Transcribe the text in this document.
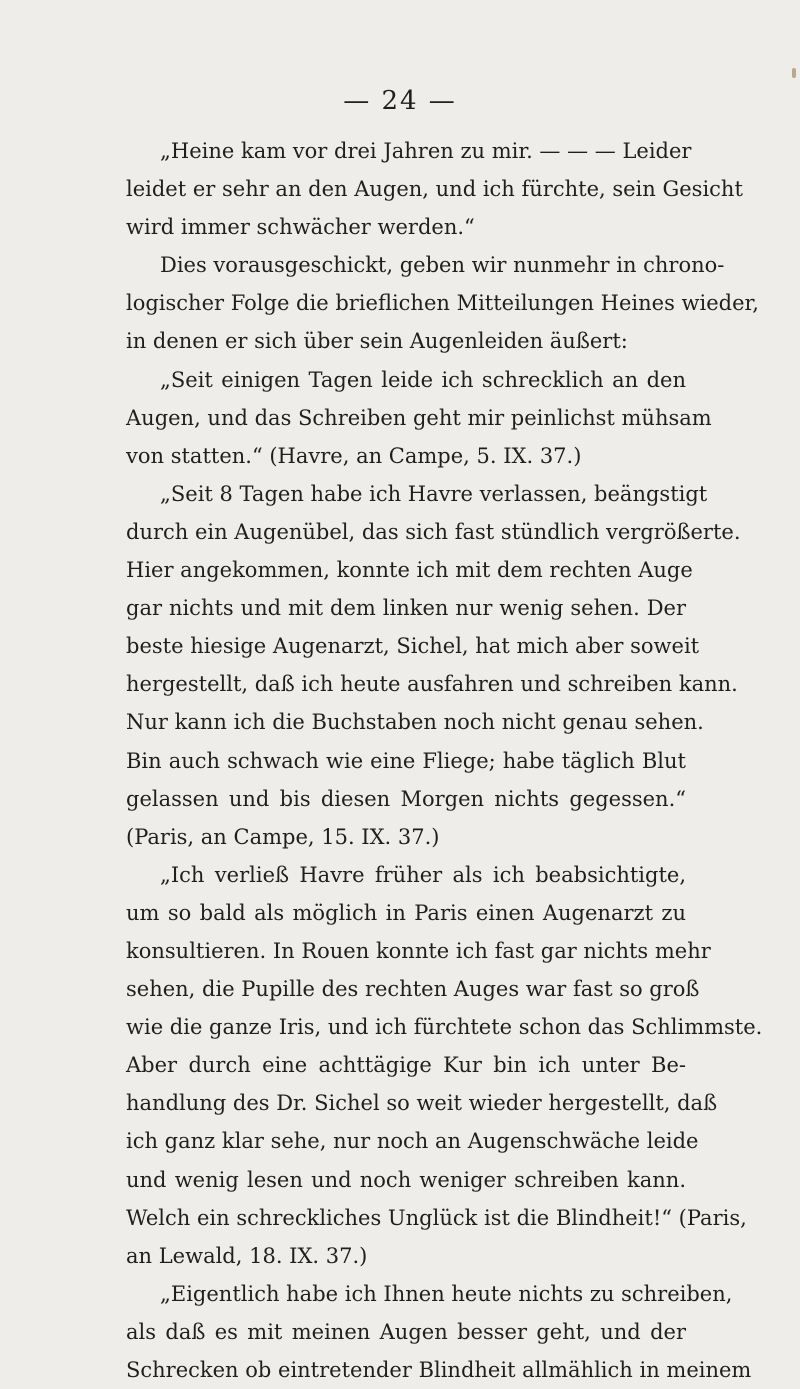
— 24 —
„Heine kam vor drei Jahren zu mir. — — — Leider
leidet er sehr an den Augen, und ich fürchte, sein Gesicht
wird immer schwächer werden.“
Dies vorausgeschickt, geben wir nunmehr in chrono-
logischer Folge die brieflichen Mitteilungen Heines wieder,
in denen er sich über sein Augenleiden äußert:
„Seit einigen Tagen leide ich schrecklich an den
Augen, und das Schreiben geht mir peinlichst mühsam
von statten.“ (Havre, an Campe, 5. IX. 37.)
„Seit 8 Tagen habe ich Havre verlassen, beängstigt
durch ein Augenübel, das sich fast stündlich vergrößerte.
Hier angekommen, konnte ich mit dem rechten Auge
gar nichts und mit dem linken nur wenig sehen. Der
beste hiesige Augenarzt, Sichel, hat mich aber soweit
hergestellt, daß ich heute ausfahren und schreiben kann.
Nur kann ich die Buchstaben noch nicht genau sehen.
Bin auch schwach wie eine Fliege; habe täglich Blut
gelassen und bis diesen Morgen nichts gegessen.“
(Paris, an Campe, 15. IX. 37.)
„Ich verließ Havre früher als ich beabsichtigte,
um so bald als möglich in Paris einen Augenarzt zu
konsultieren. In Rouen konnte ich fast gar nichts mehr
sehen, die Pupille des rechten Auges war fast so groß
wie die ganze Iris, und ich fürchtete schon das Schlimmste.
Aber durch eine achttägige Kur bin ich unter Be-
handlung des Dr. Sichel so weit wieder hergestellt, daß
ich ganz klar sehe, nur noch an Augenschwäche leide
und wenig lesen und noch weniger schreiben kann.
Welch ein schreckliches Unglück ist die Blindheit!“ (Paris,
an Lewald, 18. IX. 37.)
„Eigentlich habe ich Ihnen heute nichts zu schreiben,
als daß es mit meinen Augen besser geht, und der
Schrecken ob eintretender Blindheit allmählich in meinem
